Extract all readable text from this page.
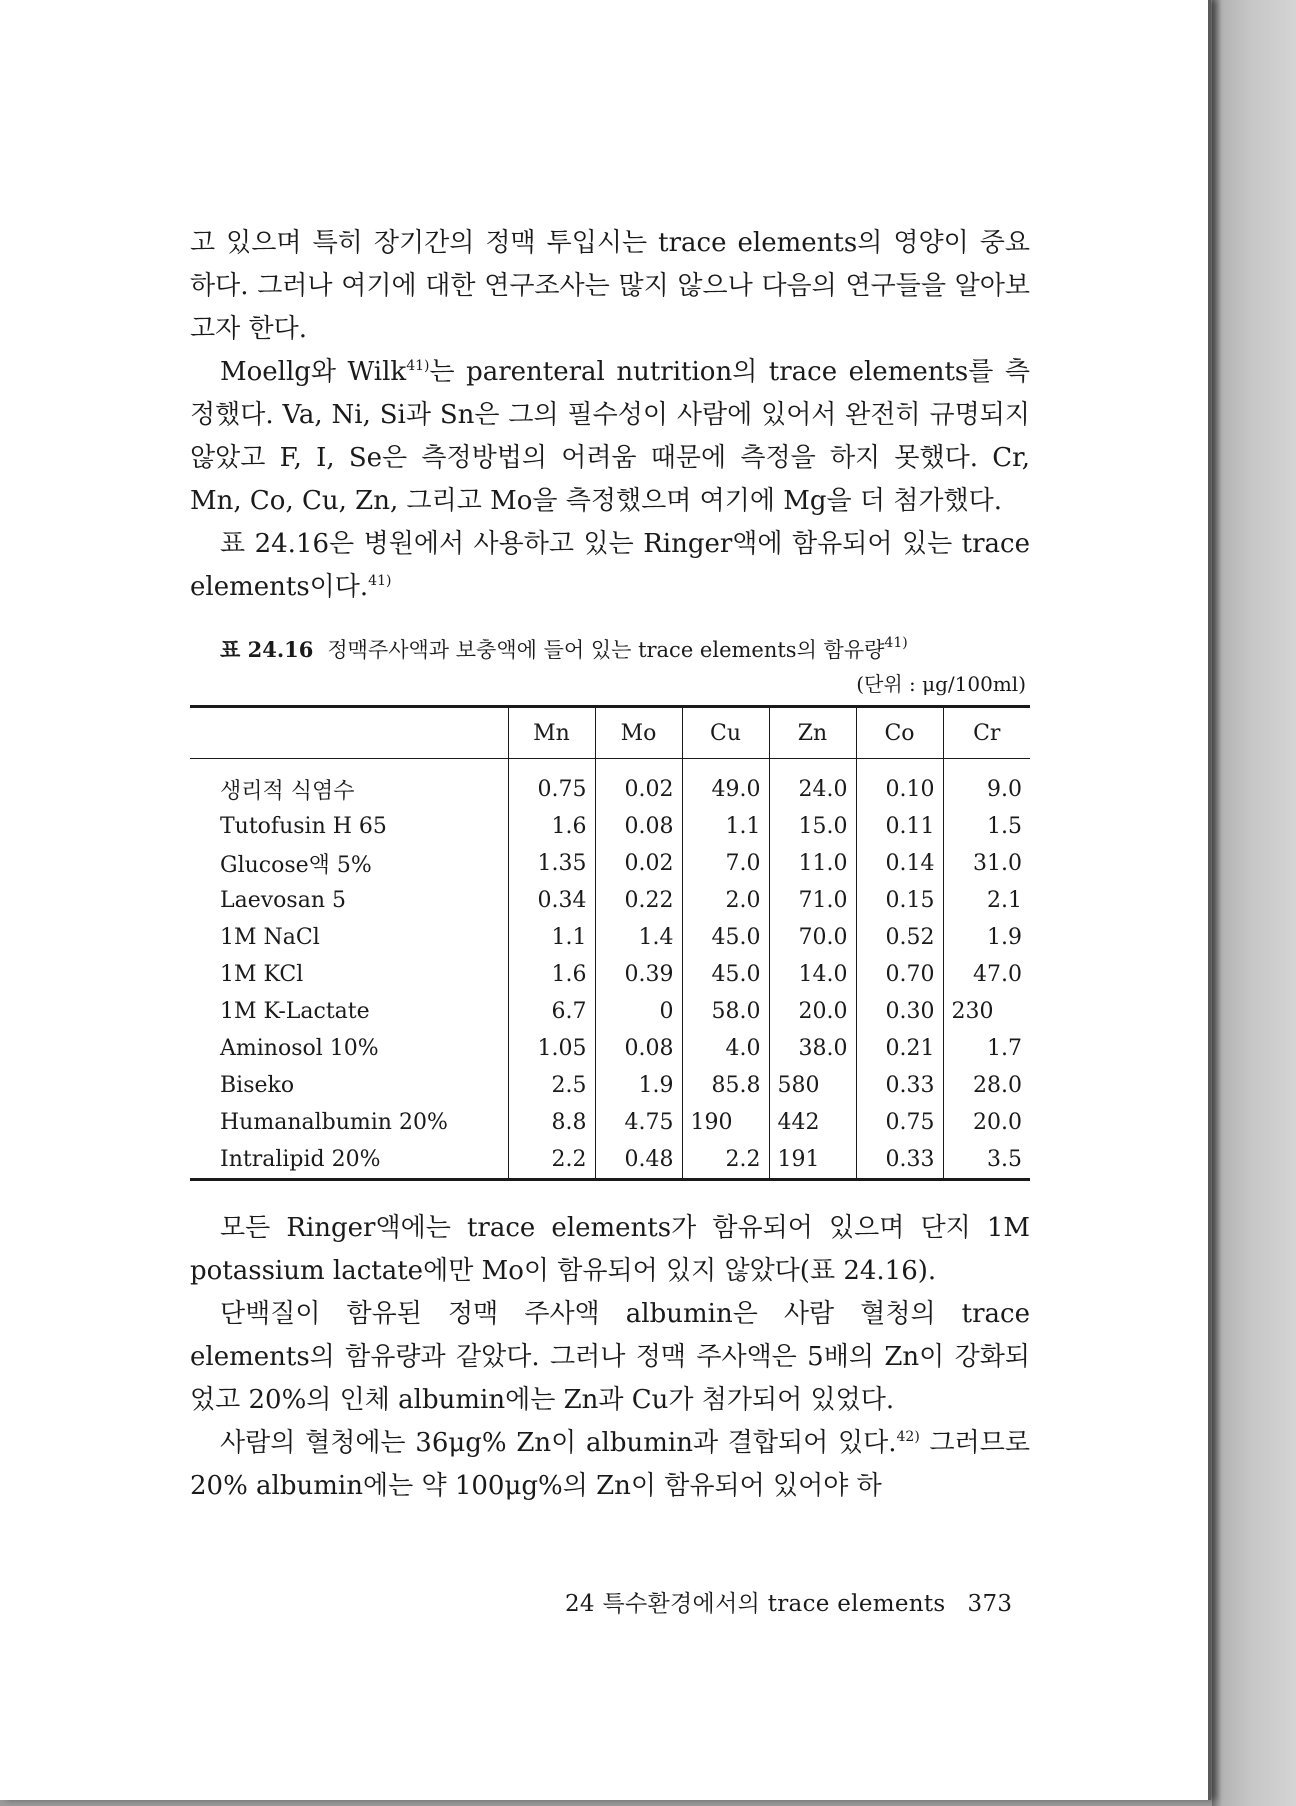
고 있으며 특히 장기간의 정맥 투입시는 trace elements의 영양이 중요하다. 그러나 여기에 대한 연구조사는 많지 않으나 다음의 연구들을 알아보고자 한다.

Moellg와 Wilk$^{41)}$는 parenteral nutrition의 trace elements를 측정했다. Va, Ni, Si과 Sn은 그의 필수성이 사람에 있어서 완전히 규명되지 않았고 F, I, Se은 측정방법의 어려움 때문에 측정을 하지 못했다. Cr, Mn, Co, Cu, Zn, 그리고 Mo을 측정했으며 여기에 Mg을 더 첨가했다.

표 24.16은 병원에서 사용하고 있는 Ringer액에 함유되어 있는 trace elements이다.$^{41)}$

표 24.16 정맥주사액과 보충액에 들어 있는 trace elements의 함유량$^{41)}$
(단위 : μg/100ml)
	Mn	Mo	Cu	Zn	Co	Cr
생리적 식염수	0.75	0.02	49.0	24.0	0.10	9.0
Tutofusin H 65	1.6	0.08	1.1	15.0	0.11	1.5
Glucose액 5%	1.35	0.02	7.0	11.0	0.14	31.0
Laevosan 5	0.34	0.22	2.0	71.0	0.15	2.1
1M NaCl	1.1	1.4	45.0	70.0	0.52	1.9
1M KCl	1.6	0.39	45.0	14.0	0.70	47.0
1M K-Lactate	6.7	0	58.0	20.0	0.30	230
Aminosol 10%	1.05	0.08	4.0	38.0	0.21	1.7
Biseko	2.5	1.9	85.8	580	0.33	28.0
Humanalbumin 20%	8.8	4.75	190	442	0.75	20.0
Intralipid 20%	2.2	0.48	2.2	191	0.33	3.5

모든 Ringer액에는 trace elements가 함유되어 있으며 단지 1M potassium lactate에만 Mo이 함유되어 있지 않았다(표 24.16).

단백질이 함유된 정맥 주사액 albumin은 사람 혈청의 trace elements의 함유량과 같았다. 그러나 정맥 주사액은 5배의 Zn이 강화되었고 20%의 인체 albumin에는 Zn과 Cu가 첨가되어 있었다.

사람의 혈청에는 36μg% Zn이 albumin과 결합되어 있다.$^{42)}$ 그러므로 20% albumin에는 약 100μg%의 Zn이 함유되어 있어야 하

24 특수환경에서의 trace elements 373
